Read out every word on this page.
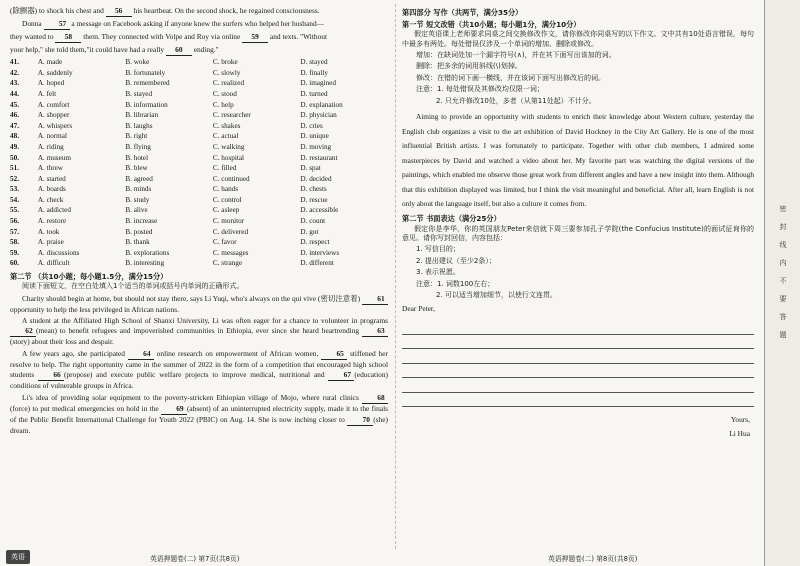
(除颤器) to shock his chest and 56 his heartbeat. On the second shock, he regained consciousness.
Donna 57 a message on Facebook asking if anyone knew the surfers who helped her husband—
they wanted to 58 them. They connected with Volpe and Roy via online 59 and texts. "Without
your help," she told them,"it could have had a really 60 ending."
41.	A. made	B. woke	C. broke	D. stayed
42.	A. suddenly	B. fortunately	C. slowly	D. finally
43.	A. hoped	B. remembered	C. realized	D. imagined
44.	A. felt	B. stayed	C. stood	D. turned
45.	A. comfort	B. information	C. help	D. explanation
46.	A. shopper	B. librarian	C. researcher	D. physician
47.	A. whispers	B. laughs	C. shakes	D. cries
48.	A. normal	B. right	C. actual	D. unique
49.	A. riding	B. flying	C. walking	D. moving
50.	A. museum	B. hotel	C. hospital	D. restaurant
51.	A. threw	B. blew	C. filled	D. spat
52.	A. started	B. agreed	C. continued	D. decided
53.	A. boards	B. minds	C. hands	D. chests
54.	A. check	B. study	C. control	D. rescue
55.	A. addicted	B. alive	C. asleep	D. accessible
56.	A. restore	B. increase	C. monitor	D. count
57.	A. took	B. posted	C. delivered	D. got
58.	A. praise	B. thank	C. favor	D. respect
59.	A. discussions	B. explorations	C. messages	D. interviews
60.	A. difficult	B. interesting	C. strange	D. different
第二节 （共10小题；每小题1.5分，满分15分）
阅读下面短文，在空白处填入1个适当的单词或括号内单词的正确形式。
Charity should begin at home, but should not stay there, says Li Yuqi, who's always on the qui vive (密切注意着) 61 opportunity to help the less privileged in African nations.
A student at the Affiliated High School of Shanxi University, Li was often eager for a chance to volunteer in programs 62 (mean) to benefit refugees and impoverished communities in Ethiopia, ever since she heard heartrending 63(story) about their loss and despair.
A few years ago, she participated 64 online research on empowerment of African women, 65 stiffened her resolve to help. The right opportunity came in the summer of 2022 in the form of a competition that encouraged high school students 66 (propose) and execute public welfare projects to improve medical, nutritional and 67 (education) conditions of vulnerable groups in Africa.
Li's idea of providing solar equipment to the poverty-stricken Ethiopian village of Mojo, where rural clinics 68(force) to put medical emergencies on hold in the 69 (absent) of an uninterrupted electricity supply, made it to the finals of the Public Benefit International Challenge for Youth 2022 (PBIC) on Aug. 14. She is now inching closer to 70 (she) dream.
英语押题卷(二) 第7页(共8页)
英语
第四部分 写作（共两节，满分35分）
第一节 短文改错（共10小题；每小题1分，满分10分）
假定英语课上老师要求同桌之间交换修改作文，请你修改你同桌写的以下作文。文中共有10处语言错误，每句中最多有两处。每处错误仅涉及一个单词的增加、删除或修改。
增加：在缺词处加一个漏字符号(∧)，并在其下面写出该加的词。
删除：把多余的词用斜线(\)划掉。
修改：在错的词下画一横线，并在该词下面写出修改后的词。
注意：1. 每处错误及其修改均仅限一词；
2. 只允许修改10处，多者（从第11处起）不计分。
Aiming to provide an opportunity with students to enrich their knowledge about Western culture, yesterday the English club organizes a visit to the art exhibition of David Hockney in the City Art Gallery. He is one of the most influential British artists. I was fortunately to participate. Together with other club members, I admired some masterpieces by David and watched a video about her. My favorite part was watching the digital versions of the paintings, which enabled me observe those great work from different angles and have a new insight into them. Although that this exhibition displayed was limited, but I think the visit meaningful and beneficial. After all, learn English is not only about the language itself, but also a culture it comes from.
第二节 书面表达（满分25分）
假定你是李华，你的英国朋友Peter来信就下周三要参加孔子学院(the Confucius Institute)的面试征询你的意见。请你写封回信，内容包括：
1. 写信目的；
2. 提出建议（至少2条）；
3. 表示祝愿。
注意：1. 词数100左右；
2. 可以适当增加细节，以使行文连贯。
Dear Peter,
Yours,
Li Hua
英语押题卷(二) 第8页(共8页)
密封线内不要答题
